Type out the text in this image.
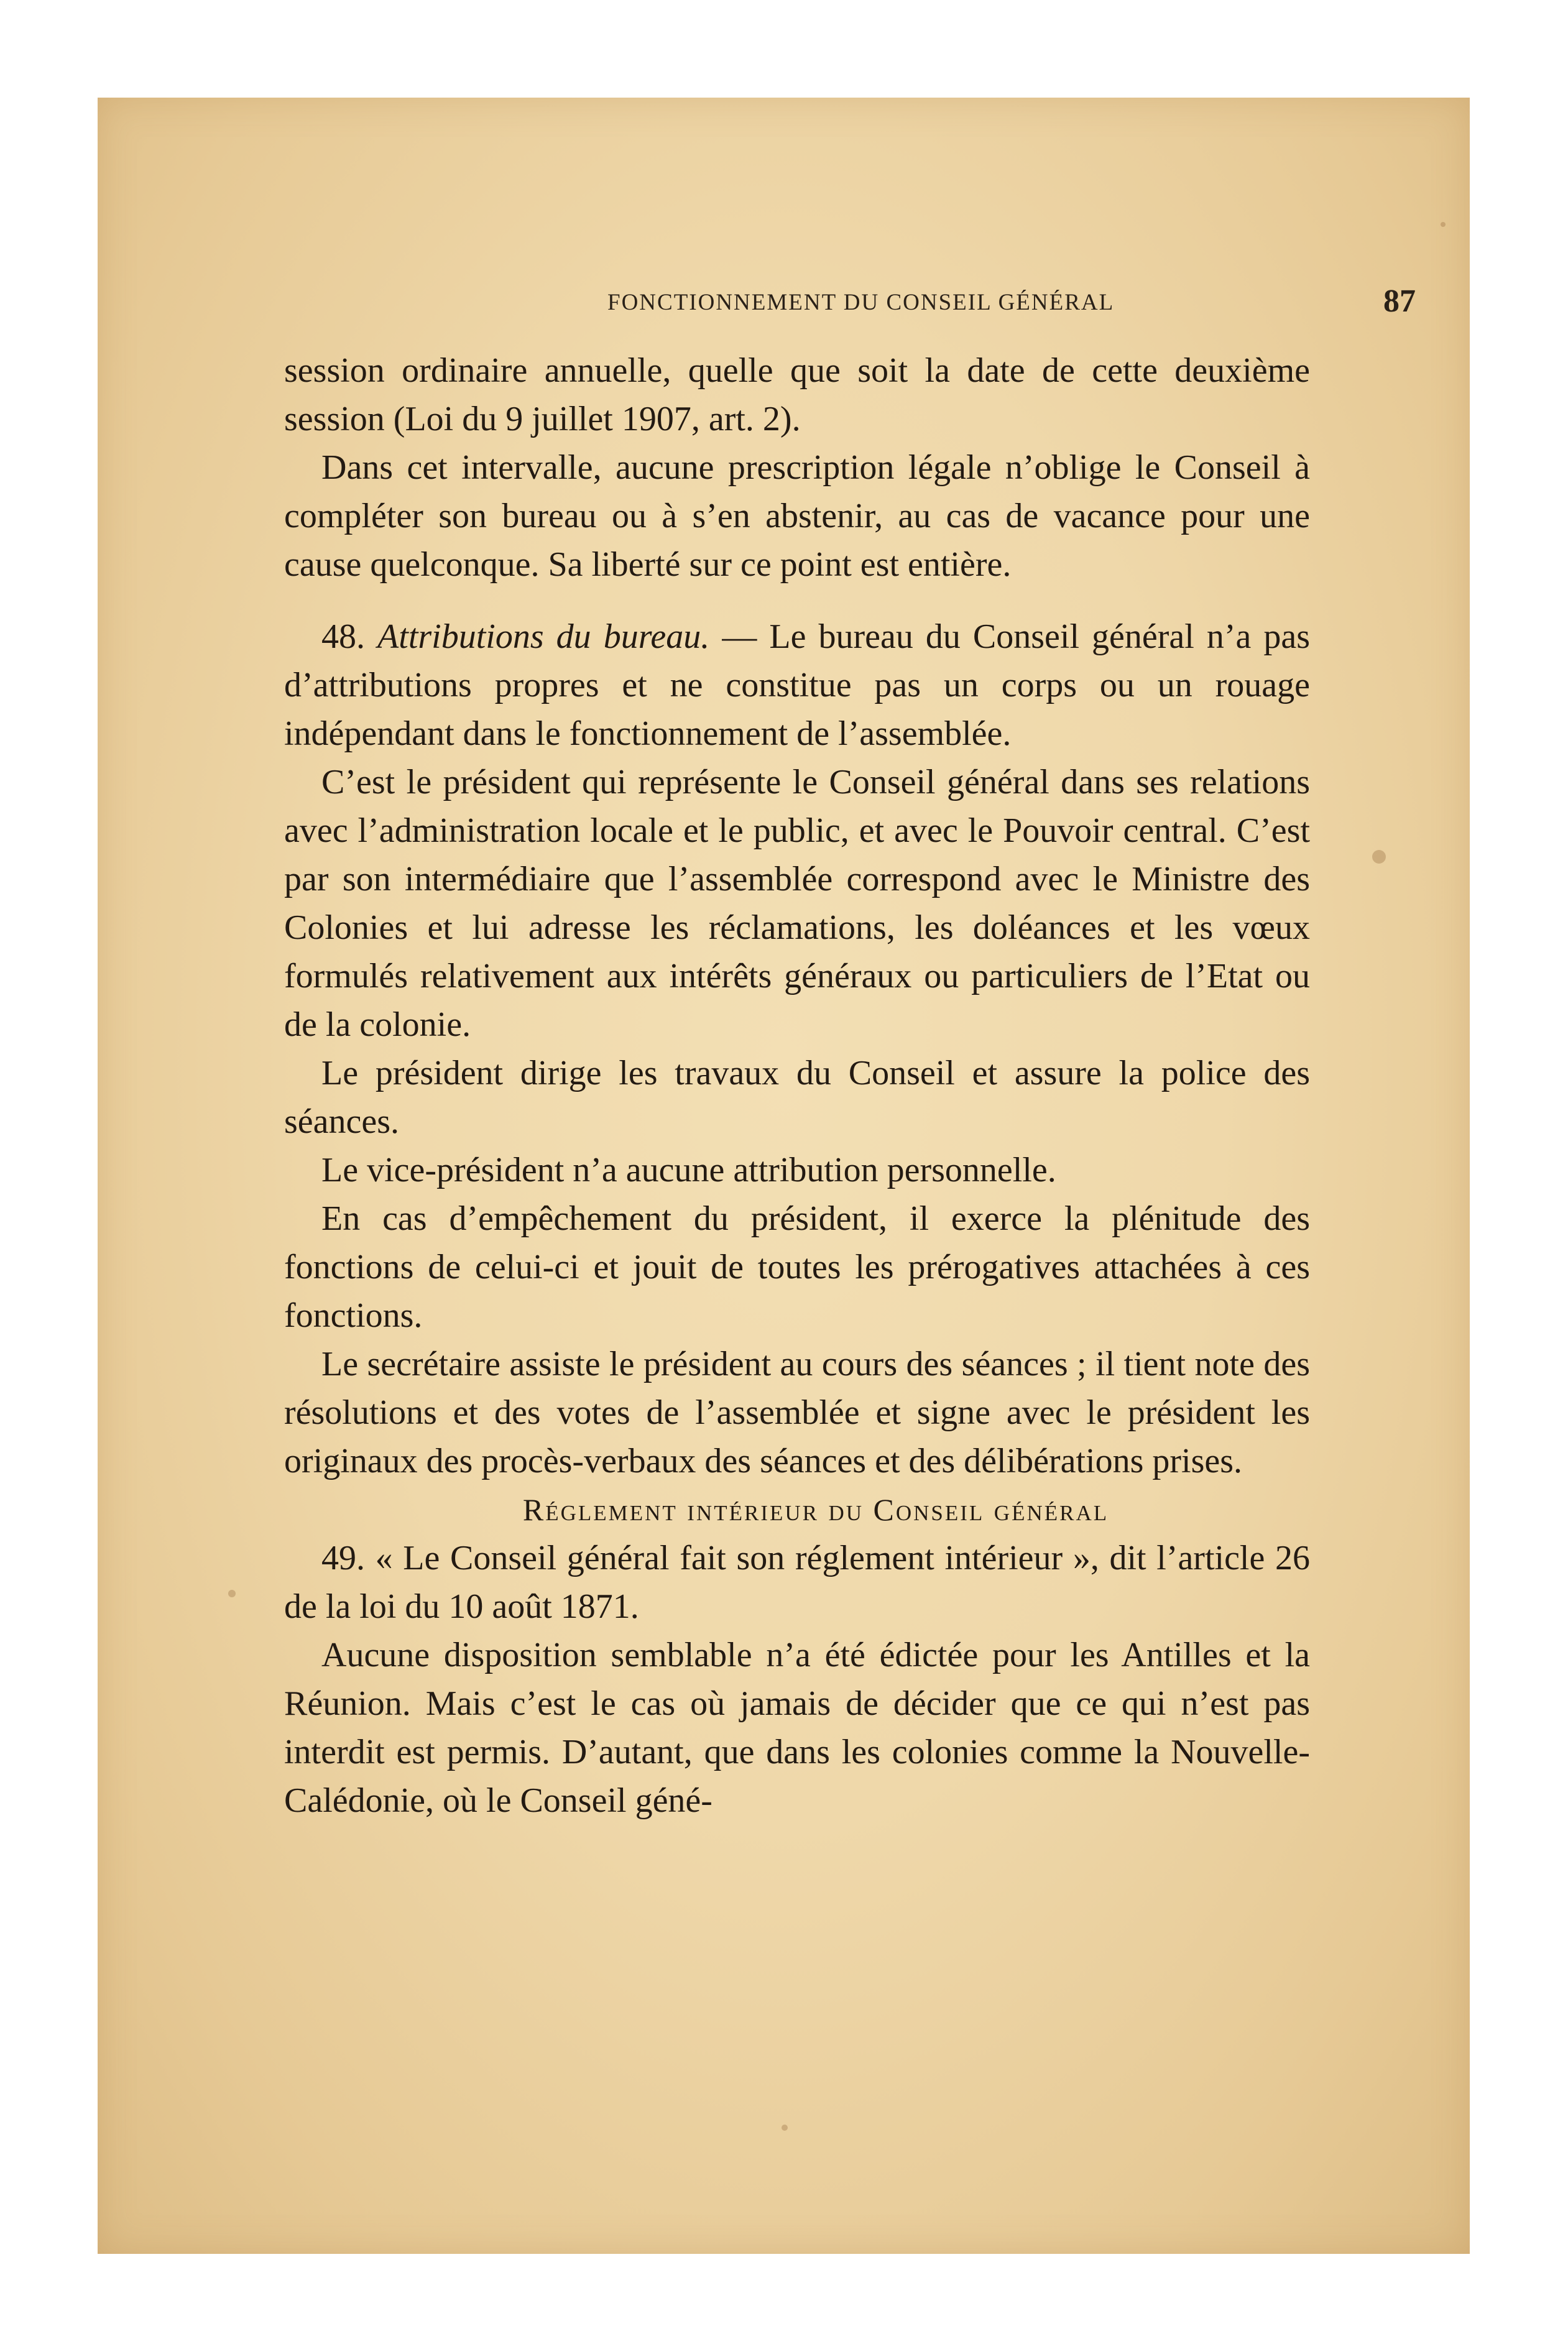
FONCTIONNEMENT DU CONSEIL GÉNÉRAL	87

session ordinaire annuelle, quelle que soit la date de cette deuxième session (Loi du 9 juillet 1907, art. 2).

Dans cet intervalle, aucune prescription légale n’oblige le Conseil à compléter son bureau ou à s’en abstenir, au cas de vacance pour une cause quelconque. Sa liberté sur ce point est entière.

48. Attributions du bureau. — Le bureau du Conseil général n’a pas d’attributions propres et ne constitue pas un corps ou un rouage indépendant dans le fonctionnement de l’assemblée.

C’est le président qui représente le Conseil général dans ses relations avec l’administration locale et le public, et avec le Pouvoir central. C’est par son intermédiaire que l’assemblée correspond avec le Ministre des Colonies et lui adresse les réclamations, les doléances et les vœux formulés relativement aux intérêts généraux ou particuliers de l’Etat ou de la colonie.

Le président dirige les travaux du Conseil et assure la police des séances.

Le vice-président n’a aucune attribution personnelle.

En cas d’empêchement du président, il exerce la plénitude des fonctions de celui-ci et jouit de toutes les prérogatives attachées à ces fonctions.

Le secrétaire assiste le président au cours des séances ; il tient note des résolutions et des votes de l’assemblée et signe avec le président les originaux des procès-verbaux des séances et des délibérations prises.

Réglement intérieur du Conseil général

49. « Le Conseil général fait son réglement intérieur », dit l’article 26 de la loi du 10 août 1871.

Aucune disposition semblable n’a été édictée pour les Antilles et la Réunion. Mais c’est le cas où jamais de décider que ce qui n’est pas interdit est permis. D’autant, que dans les colonies comme la Nouvelle-Calédonie, où le Conseil géné-
